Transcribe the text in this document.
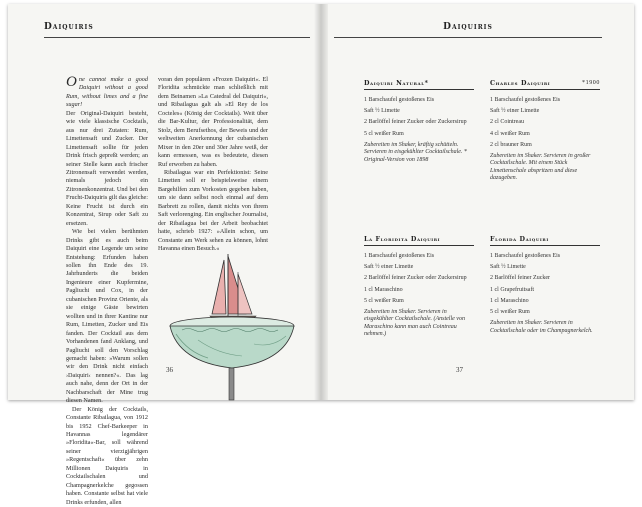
Daiquiris

One cannot make a good Daiquiri without a good Rum, without limes and a fine sugar!

Der Original-Daiquiri besteht, wie viele klassische Cocktails, aus nur drei Zutaten: Rum, Limettensaft und Zucker. Der Limettensaft sollte für jeden Drink frisch gepreßt werden; an seiner Stelle kann auch frischer Zitronensaft verwendet werden, niemals jedoch ein Zitronenkonzentrat. Und bei den Frucht-Daiquiris gilt das gleiche: Keine Frucht ist durch ein Konzentrat, Sirup oder Saft zu ersetzen.

Wie bei vielen berühmten Drinks gibt es auch beim Daiquiri eine Legende um seine Entstehung: Erfunden haben sollen ihn Ende des 19. Jahrhunderts die beiden Ingenieure einer Kupfermine, Pagliuchi und Cox, in der cubanischen Provinz Oriente, als sie einige Gäste bewirten wollten und in ihrer Kantine nur Rum, Limetten, Zucker und Eis fanden. Der Cocktail aus dem Vorhandenen fand Anklang, und Pagliuchi soll den Vorschlag gemacht haben: »Warum sollen wir den Drink nicht einfach ›Daiquiri‹ nennen?«. Das lag auch nahe, denn der Ort in der Nachbarschaft der Mine trug diesen Namen.

Der König der Cocktails, Constante Ribailagua, von 1912 bis 1952 Chef-Barkeeper in Havannas legendärer »Floridita«-Bar, soll während seiner vierzigjährigen »Regentschaft« über zehn Millionen Daiquiris in Cocktailschalen und Champagnerkelche gegossen haben. Constante selbst hat viele Drinks erfunden, allen

voran den populären »Frozen Daiquiri«. El Floridita schmückte man schließlich mit dem Beinamen »La Catedral del Daiquiri«, und Ribailagua galt als »El Rey de los Cocteles« (König der Cocktails). Weit über die Bar-Kultur, der Professionalität, dem Stolz, dem Berufsethos, der Beweis und der weltweiten Anerkennung der cubanischen Mixer in den 20er und 30er Jahre weiß, der kann ermessen, was es bedeutete, diesen Ruf erworben zu haben.

Ribailagua war ein Perfektionist: Seine Limetten soll er beispielsweise einem Bargehilfen zum Vorkosten gegeben haben, um sie dann selbst noch einmal auf dem Barbrett zu rollen, damit nichts von ihrem Saft verlorenging. Ein englischer Journalist, der Ribailagua bei der Arbeit beobachtet hatte, schrieb 1927: »Allein schon, um Constante am Werk sehen zu können, lohnt Havanna einen Besuch.«

36
Daiquiris
Daiquiri Natural*
1 Barschaufel gestoßenes Eis
Saft ½ Limette
2 Barlöffel feiner Zucker oder Zuckersirup
5 cl weißer Rum
Zubereiten im Shaker, kräftig schütteln. Servieren in eisgekühlter Cocktailschale. * Original-Version von 1898
Charles Daiquiri	*1900
1 Barschaufel gestoßenes Eis
Saft ½ einer Limette
2 cl Cointreau
4 cl weißer Rum
2 cl brauner Rum
Zubereiten im Shaker. Servieren in großer Cocktailschale. Mit einem Stück Limettenschale abspritzen und diese dazugeben.
La Floridita Daiquiri
1 Barschaufel gestoßenes Eis
Saft ½ einer Limette
2 Barlöffel feiner Zucker oder Zuckersirup
1 cl Maraschino
5 cl weißer Rum
Zubereiten im Shaker. Servieren in eisgekühlter Cocktailschale. (Anstelle von Maraschino kann man auch Cointreau nehmen.)
Florida Daiquiri
1 Barschaufel gestoßenes Eis
Saft ½ Limette
2 Barlöffel feiner Zucker
1 cl Grapefruitsaft
1 cl Maraschino
5 cl weißer Rum
Zubereiten im Shaker. Servieren in Cocktailschale oder im Champagnerkelch.
37
